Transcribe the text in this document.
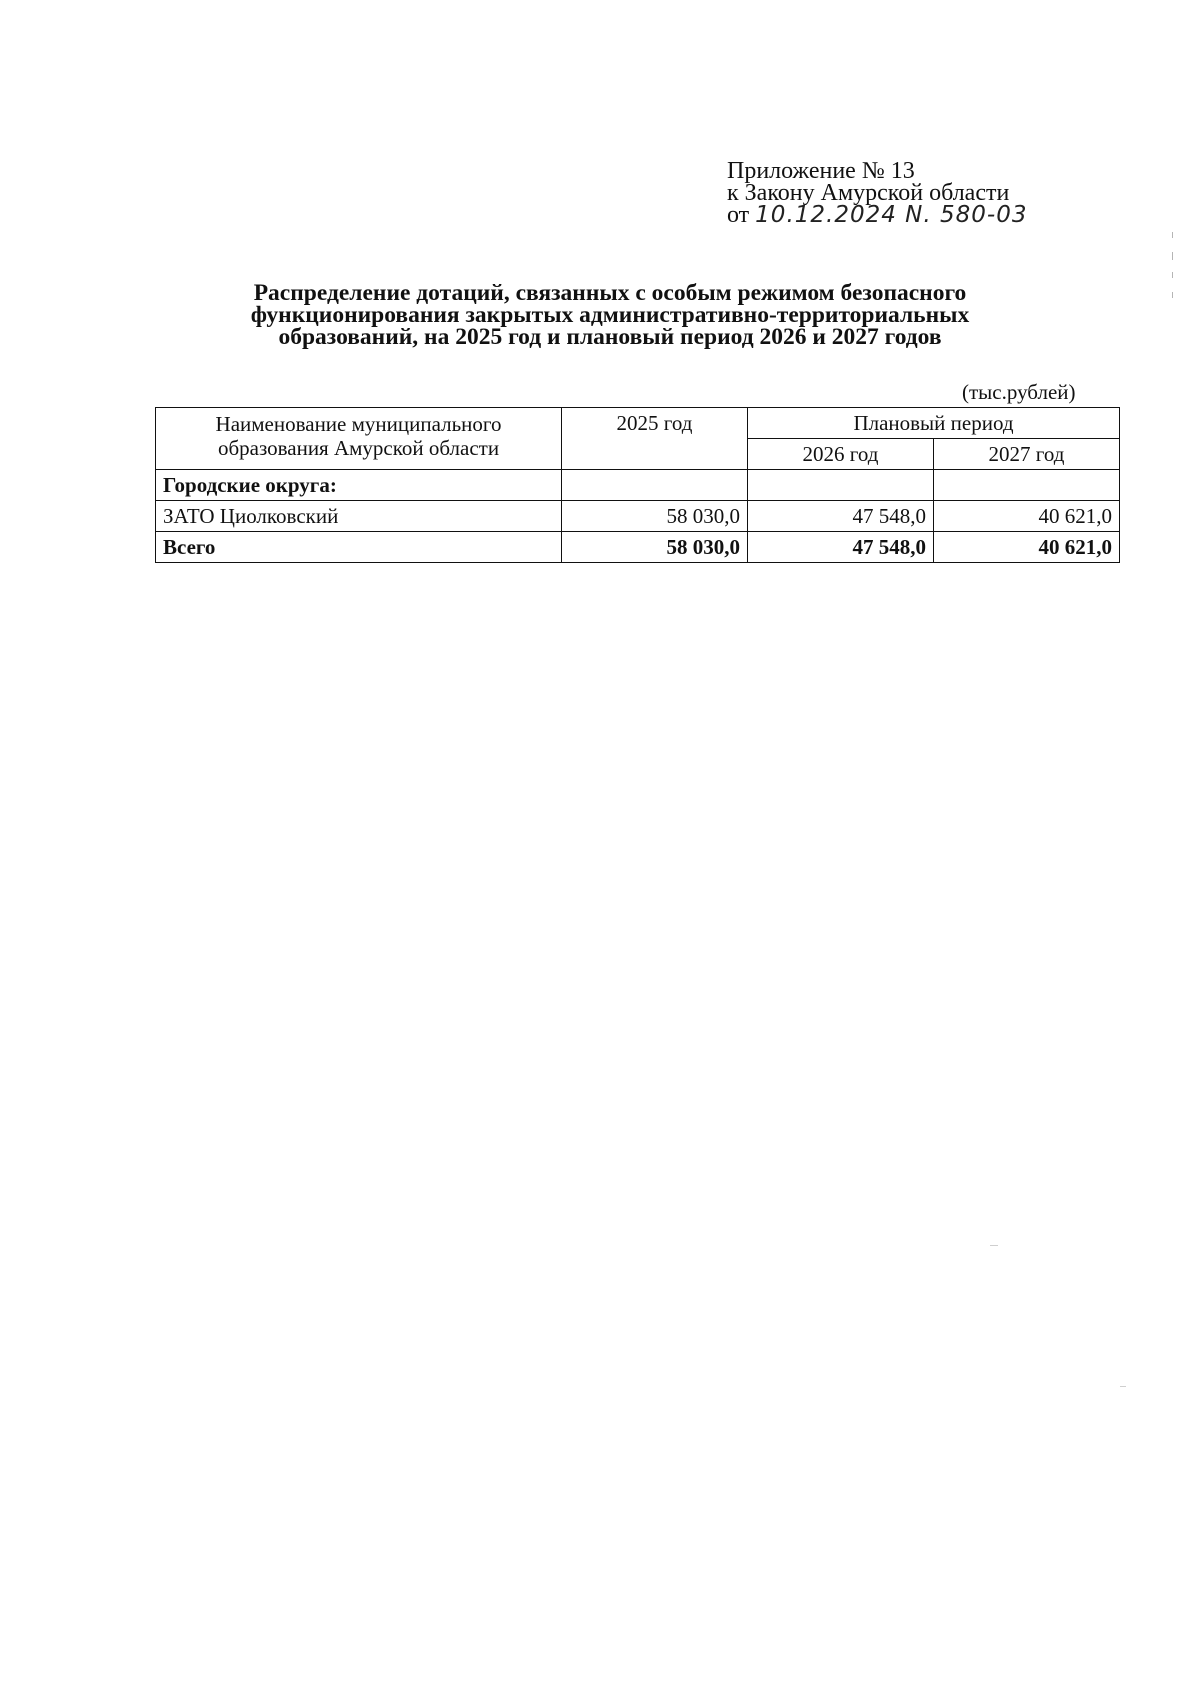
Приложение № 13
к Закону Амурской области
от 10.12.2024 N. 580-03
Распределение дотаций, связанных с особым режимом безопасного
функционирования закрытых административно-территориальных
образований, на 2025 год и плановый период 2026 и 2027 годов
(тыс.рублей)
Наименование муниципального
образования Амурской области	2025 год	Плановый период	
		2026 год	2027 год
Городские округа:			
ЗАТО Циолковский	58 030,0	47 548,0	40 621,0
Всего	58 030,0	47 548,0	40 621,0
